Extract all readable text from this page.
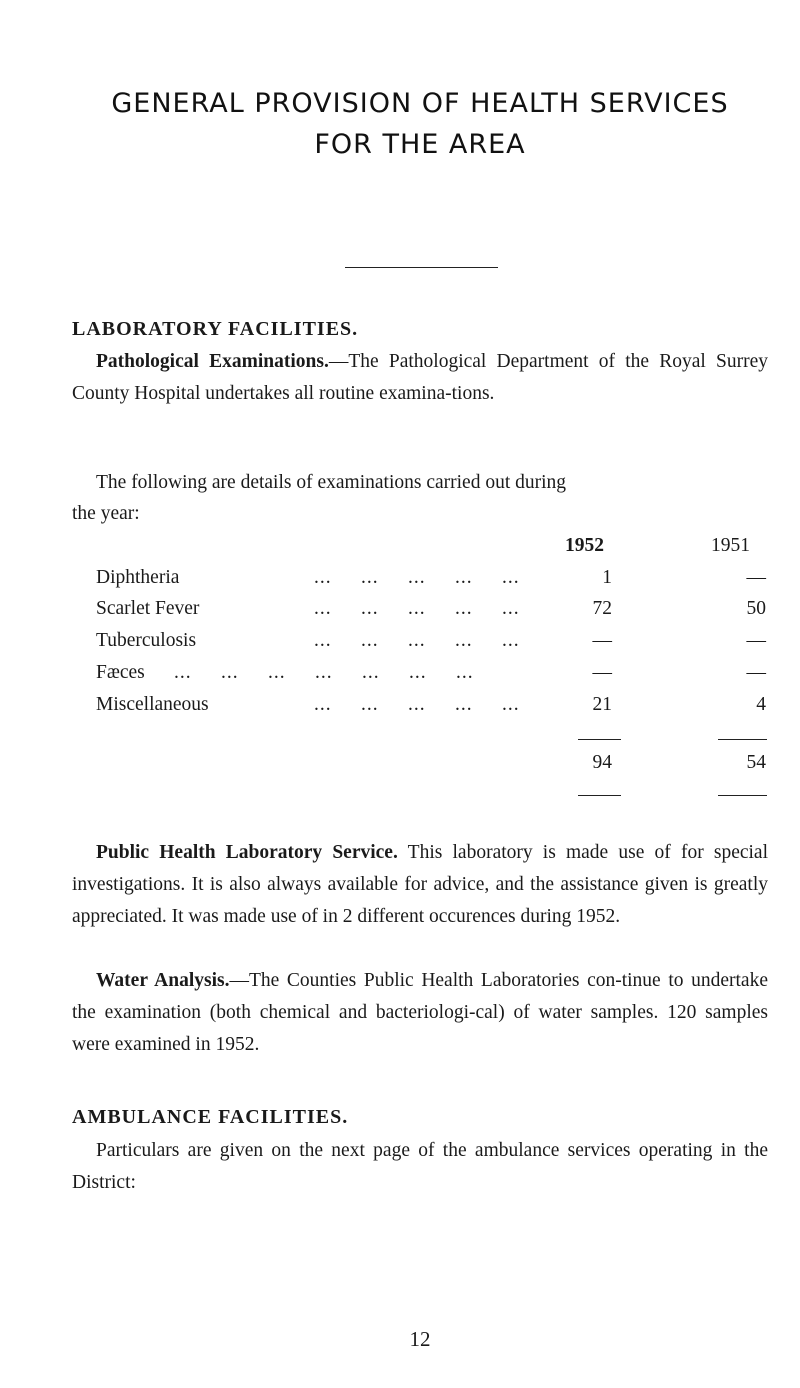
GENERAL PROVISION OF HEALTH SERVICES
FOR THE AREA
LABORATORY FACILITIES.
Pathological Examinations.—The Pathological Department of the Royal Surrey County Hospital undertakes all routine examina-tions.
The following are details of examinations carried out during
the year:
1952	1951
Diphtheria	...     ...     ...     ...     ...	1	—
Scarlet Fever	...     ...     ...     ...     ...	72	50
Tuberculosis	...     ...     ...     ...     ...	—	—
Fæces ...     ...     ...     ...     ...     ...     ...	—	—
Miscellaneous	...     ...     ...     ...     ...	21	4
94	54
Public Health Laboratory Service. This laboratory is made use of for special investigations. It is also always available for advice, and the assistance given is greatly appreciated. It was made use of in 2 different occurences during 1952.
Water Analysis.—The Counties Public Health Laboratories con-tinue to undertake the examination (both chemical and bacteriologi-cal) of water samples. 120 samples were examined in 1952.
AMBULANCE FACILITIES.
Particulars are given on the next page of the ambulance services operating in the District:
12
